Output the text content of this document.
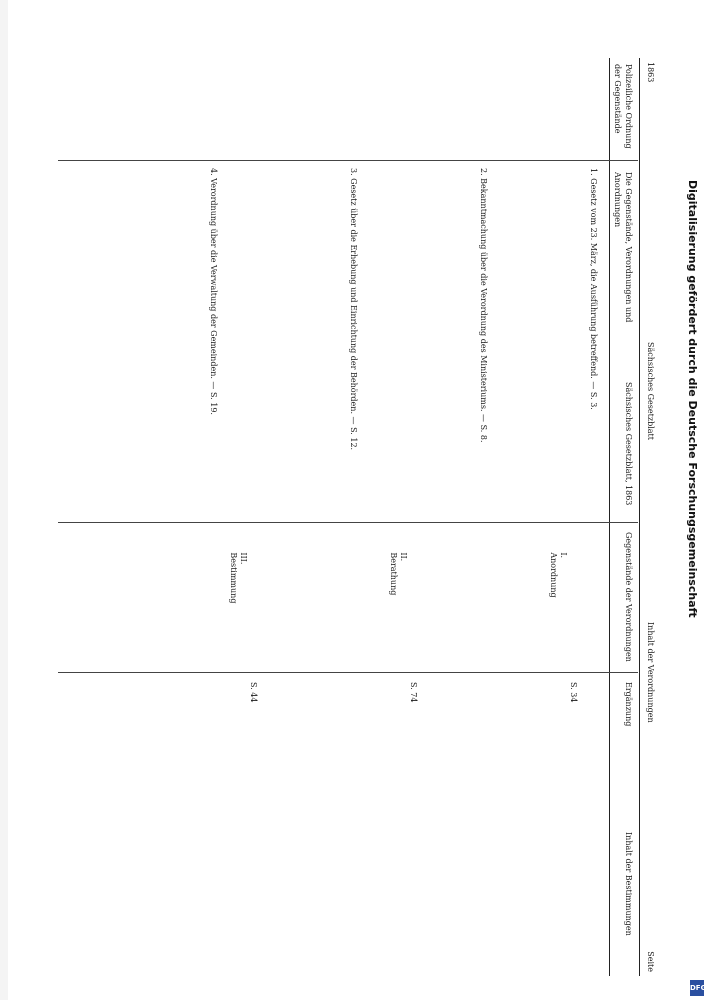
1863
Sächsisches Gesetzblatt
Inhalt der Verordnungen
Seite
Polizeiliche Ordnung der Gegenstände
Die Gegenstände, Verordnungen und Anordnungen
Sächsisches Gesetzblatt, 1863
1. Gesetz vom 23. März, die Ausführung betreffend. — S. 3.
2. Bekanntmachung über die Verordnung des Ministeriums. — S. 8.
3. Gesetz über die Erhebung und Einrichtung der Behörden. — S. 12.
4. Verordnung über die Verwaltung der Gemeinden. — S. 19.
Gegenstände der Verordnungen
Ergänzung
Inhalt der Bestimmungen

I.
Anordnung

S. 34

II.
Berathung

S. 74

III.
Bestimmung

S. 44
Digitalisierung gefördert durch die Deutsche Forschungsgemeinschaft
DFG
